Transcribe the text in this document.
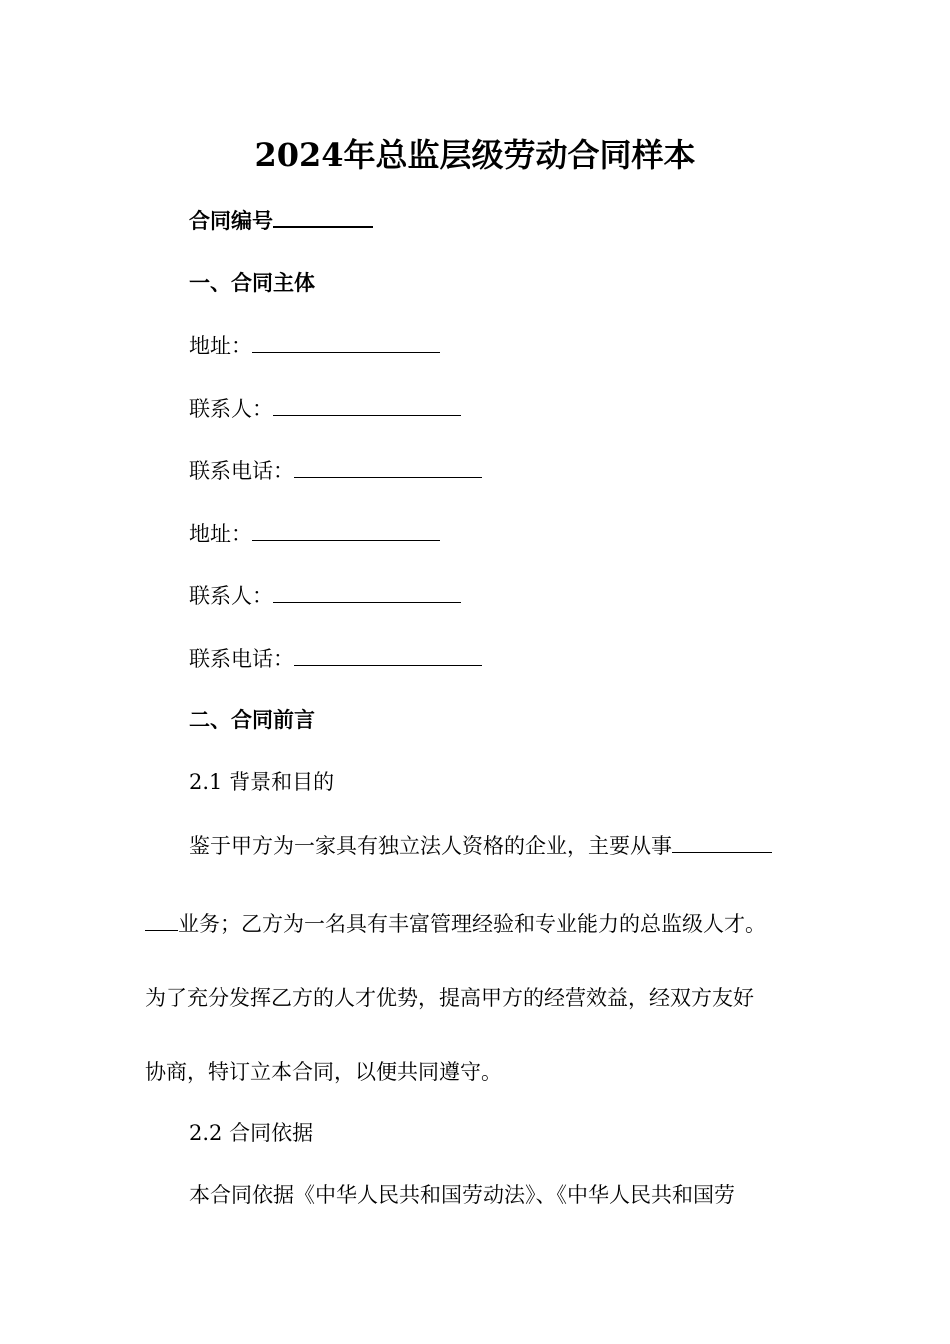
2024年总监层级劳动合同样本
合同编号
一、合同主体
地址：
联系人：
联系电话：
地址：
联系人：
联系电话：
二、合同前言
2.1 背景和目的
鉴于甲方为一家具有独立法人资格的企业，主要从事
业务；乙方为一名具有丰富管理经验和专业能力的总监级人才。
为了充分发挥乙方的人才优势，提高甲方的经营效益，经双方友好
协商，特订立本合同，以便共同遵守。
2.2 合同依据
本合同依据《中华人民共和国劳动法》、《中华人民共和国劳
